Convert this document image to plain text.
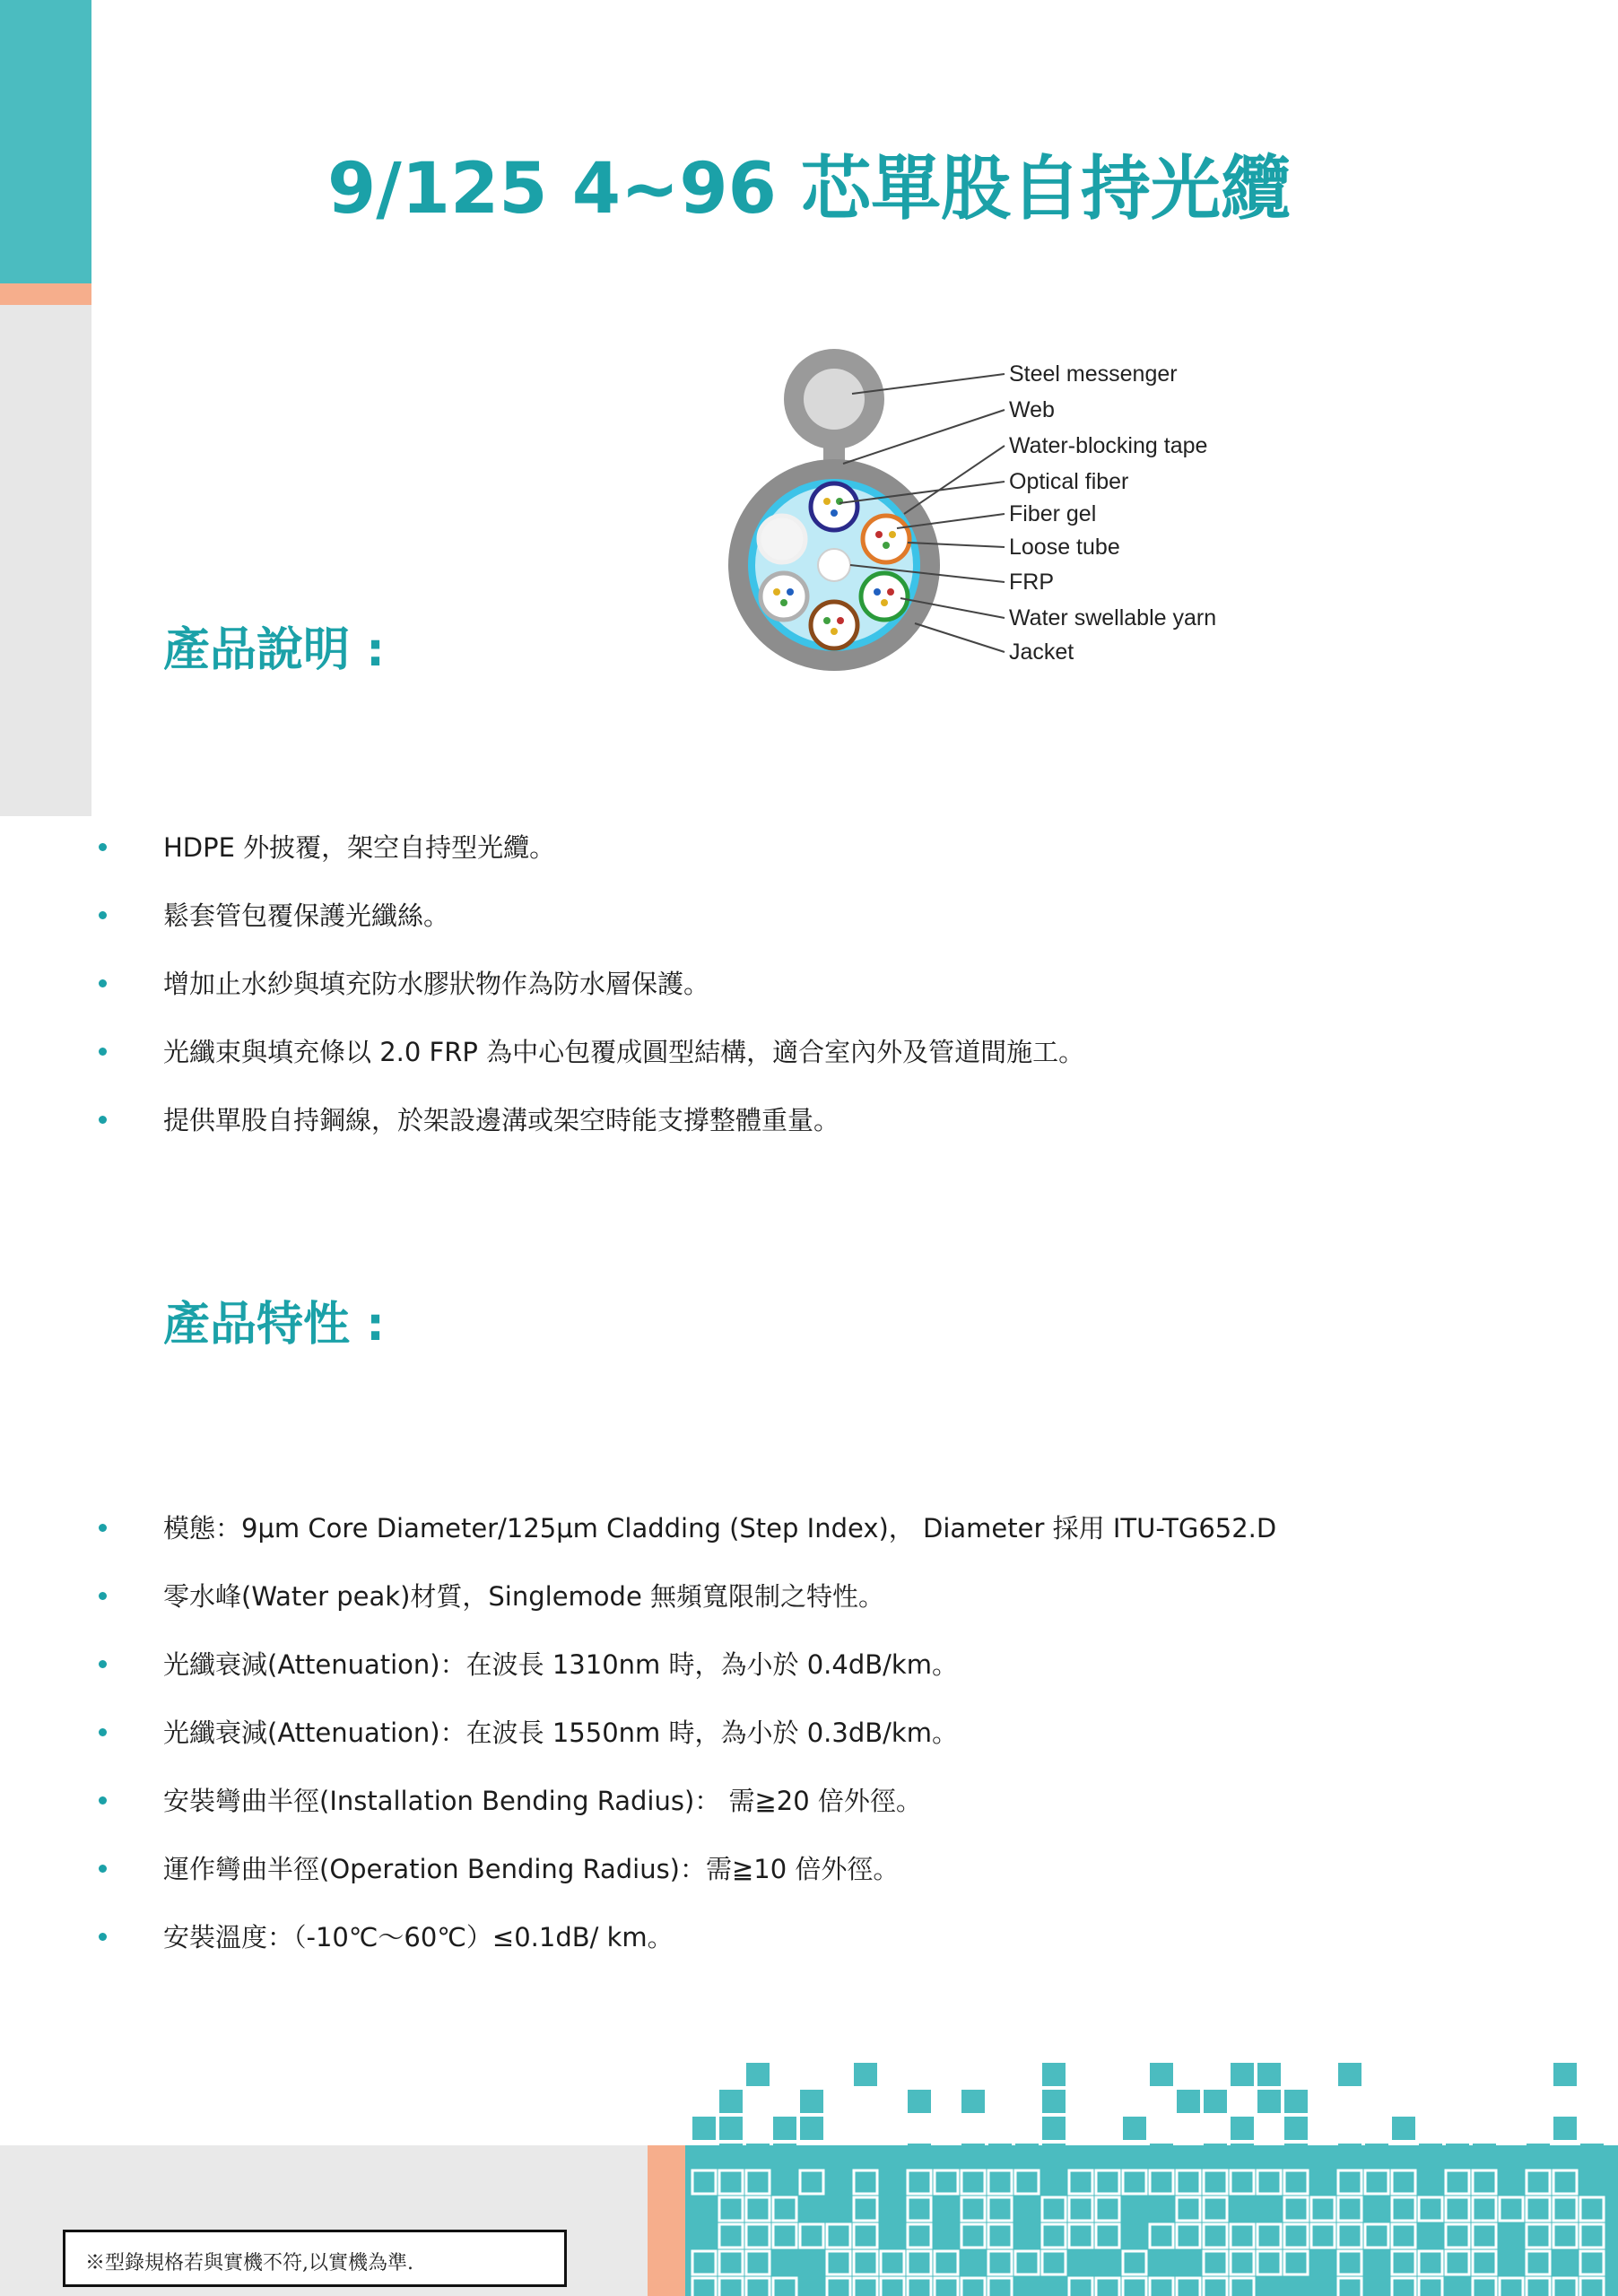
9/125 4~96 芯單股自持光纜
Steel messenger
Web
Water-blocking tape
Optical fiber
Fiber gel
Loose tube
FRP
Water swellable yarn
Jacket
產品說明 :
HDPE 外披覆，架空自持型光纜。
鬆套管包覆保護光纖絲。
增加止水紗與填充防水膠狀物作為防水層保護。
光纖束與填充條以 2.0 FRP 為中心包覆成圓型結構，適合室內外及管道間施工。
提供單股自持鋼線，於架設邊溝或架空時能支撐整體重量。
產品特性 :
模態：9μm Core Diameter/125μm Cladding (Step Index)， Diameter 採用 ITU-TG652.D
零水峰(Water peak)材質，Singlemode 無頻寬限制之特性。
光纖衰減(Attenuation)：在波長 1310nm 時，為小於 0.4dB/km。
光纖衰減(Attenuation)：在波長 1550nm 時，為小於 0.3dB/km。
安裝彎曲半徑(Installation Bending Radius)： 需≧20 倍外徑。
運作彎曲半徑(Operation Bending Radius)：需≧10 倍外徑。
安裝溫度：（-10℃～60℃）≤0.1dB/ km。
※型錄規格若與實機不符,以實機為準.
